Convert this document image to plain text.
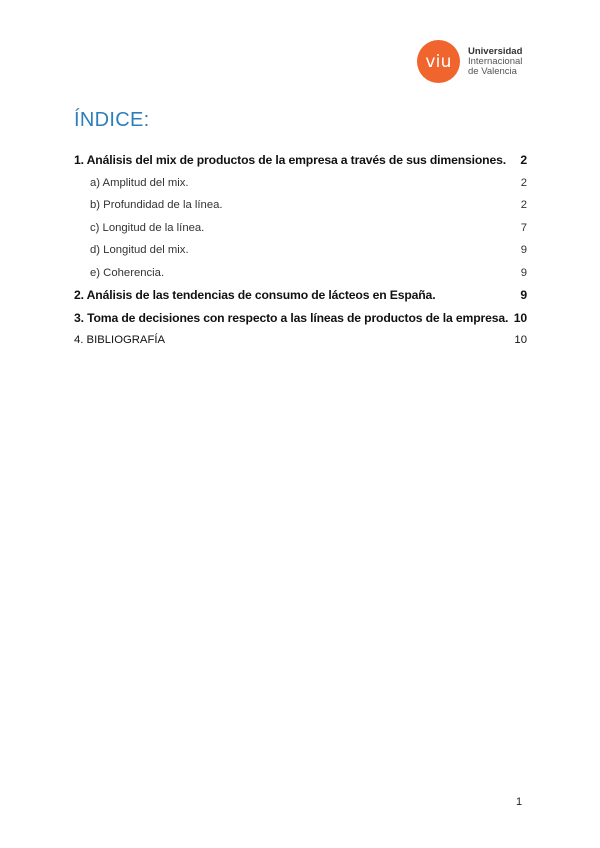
viu
Universidad
Internacional
de Valencia
ÍNDICE:
1. Análisis del mix de productos de la empresa a través de sus dimensiones. 2
a) Amplitud del mix.	2
b) Profundidad de la línea.	2
c) Longitud de la línea.	7
d) Longitud del mix.	9
e) Coherencia.	9
2. Análisis de las tendencias de consumo de lácteos en España.	9
3. Toma de decisiones con respecto a las líneas de productos de la empresa. 10
4. BIBLIOGRAFÍA	10
1
